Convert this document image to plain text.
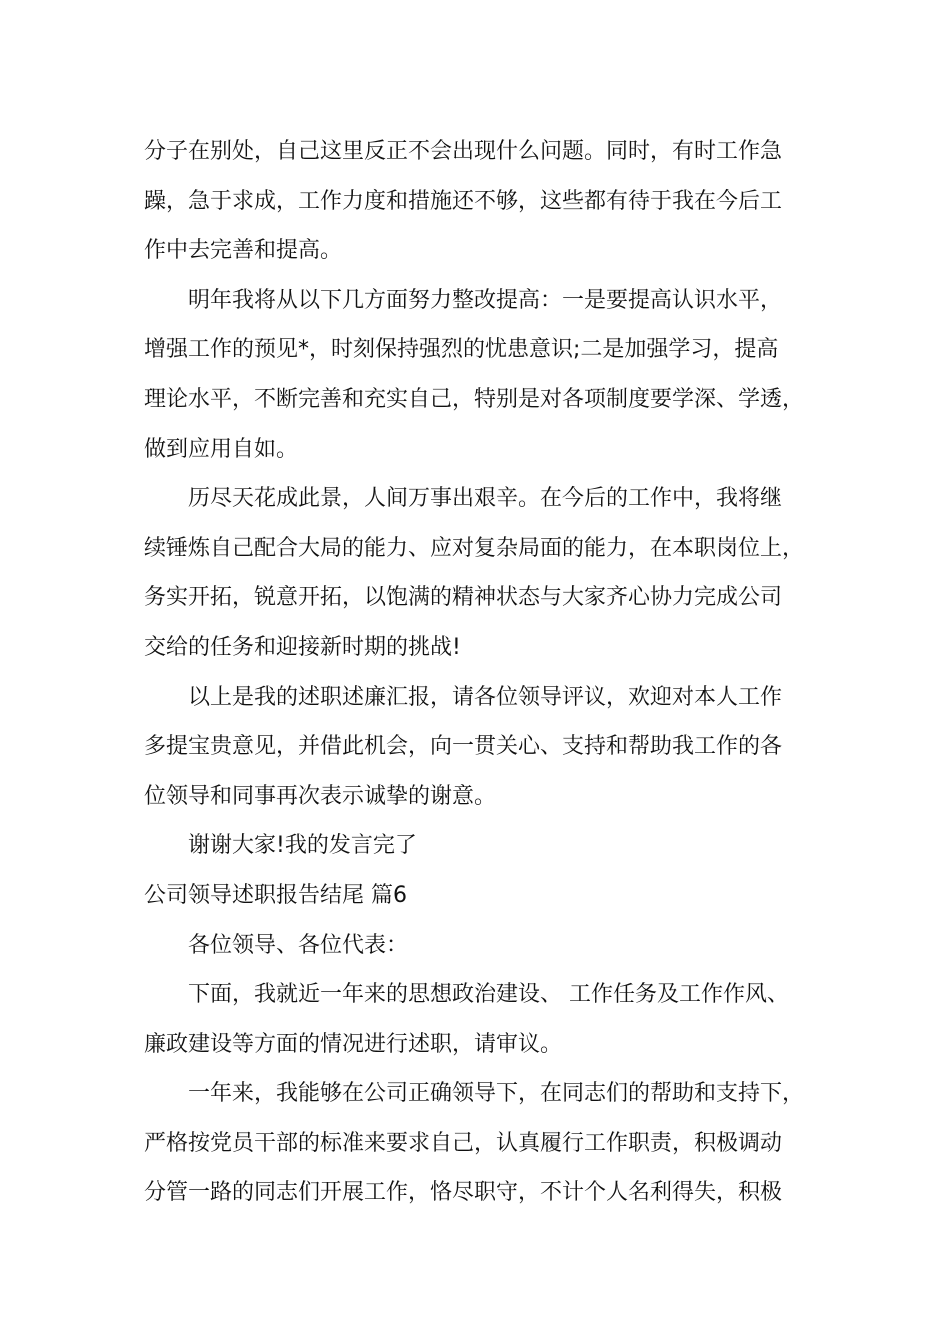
分子在别处，自己这里反正不会出现什么问题。同时，有时工作急
躁，急于求成，工作力度和措施还不够，这些都有待于我在今后工
作中去完善和提高。
明年我将从以下几方面努力整改提高：一是要提高认识水平，
增强工作的预见*，时刻保持强烈的忧患意识;二是加强学习，提高
理论水平，不断完善和充实自己，特别是对各项制度要学深、学透，
做到应用自如。
历尽天花成此景，人间万事出艰辛。在今后的工作中，我将继
续锤炼自己配合大局的能力、应对复杂局面的能力，在本职岗位上，
务实开拓，锐意开拓，以饱满的精神状态与大家齐心协力完成公司
交给的任务和迎接新时期的挑战!
以上是我的述职述廉汇报，请各位领导评议，欢迎对本人工作
多提宝贵意见，并借此机会，向一贯关心、支持和帮助我工作的各
位领导和同事再次表示诚挚的谢意。
谢谢大家!我的发言完了
公司领导述职报告结尾 篇6
各位领导、各位代表：
下面，我就近一年来的思想政治建设、 工作任务及工作作风、
廉政建设等方面的情况进行述职，请审议。
一年来，我能够在公司正确领导下，在同志们的帮助和支持下，
严格按党员干部的标准来要求自己，认真履行工作职责，积极调动
分管一路的同志们开展工作，恪尽职守，不计个人名利得失，积极
